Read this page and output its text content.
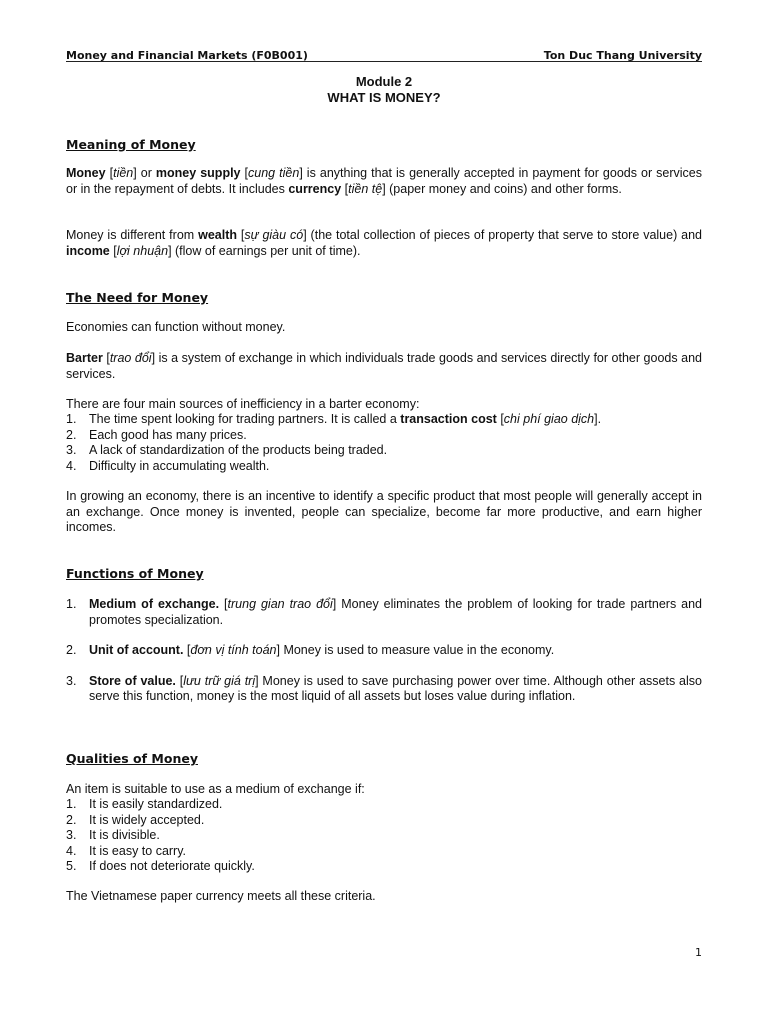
Money and Financial Markets (F0B001)	Ton Duc Thang University
Module 2
WHAT IS MONEY?
Meaning of Money

Money [tiền] or money supply [cung tiền] is anything that is generally accepted in payment for goods or services or in the repayment of debts. It includes currency [tiền tệ] (paper money and coins) and other forms.

Money is different from wealth [sự giàu có] (the total collection of pieces of property that serve to store value) and income [lợi nhuận] (flow of earnings per unit of time).

The Need for Money

Economies can function without money.

Barter [trao đổi] is a system of exchange in which individuals trade goods and services directly for other goods and services.

There are four main sources of inefficiency in a barter economy:

1. The time spent looking for trading partners. It is called a transaction cost [chi phí giao dịch].
2. Each good has many prices.
3. A lack of standardization of the products being traded.
4. Difficulty in accumulating wealth.

In growing an economy, there is an incentive to identify a specific product that most people will generally accept in an exchange. Once money is invented, people can specialize, become far more productive, and earn higher incomes.

Functions of Money
1. Medium of exchange. [trung gian trao đổi] Money eliminates the problem of looking for trade partners and promotes specialization.
2. Unit of account. [đơn vị tính toán] Money is used to measure value in the economy.
3. Store of value. [lưu trữ giá trị] Money is used to save purchasing power over time. Although other assets also serve this function, money is the most liquid of all assets but loses value during inflation.
Qualities of Money

An item is suitable to use as a medium of exchange if:

1. It is easily standardized.
2. It is widely accepted.
3. It is divisible.
4. It is easy to carry.
5. If does not deteriorate quickly.

The Vietnamese paper currency meets all these criteria.

1
